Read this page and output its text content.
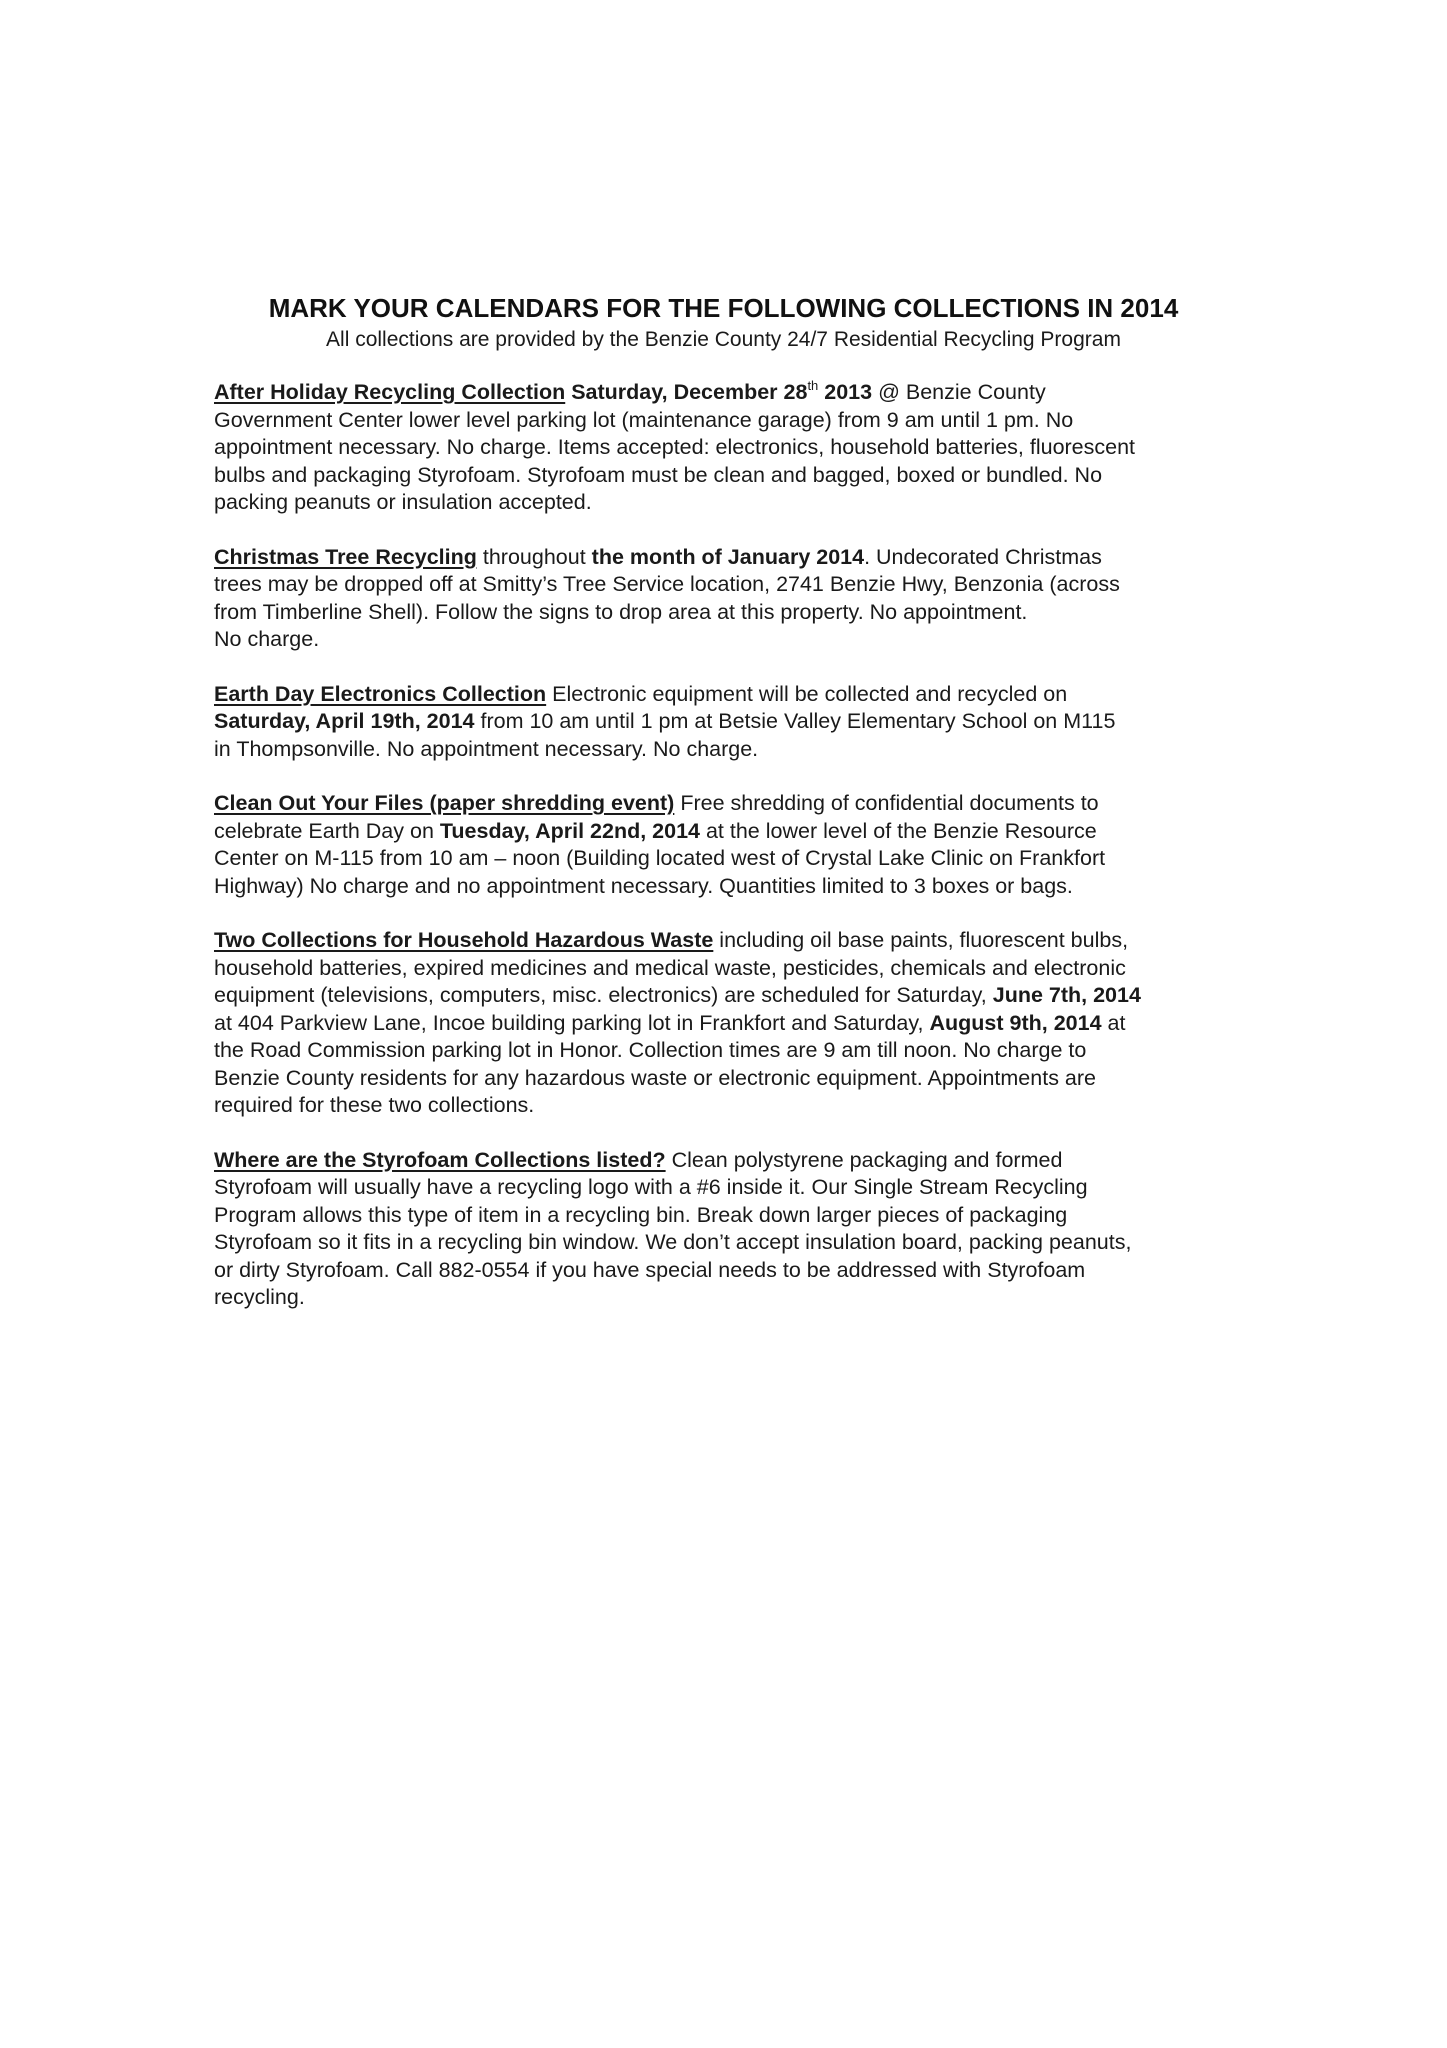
MARK YOUR CALENDARS FOR THE FOLLOWING COLLECTIONS IN 2014
All collections are provided by the Benzie County 24/7 Residential Recycling Program

After Holiday Recycling Collection Saturday, December 28th 2013 @ Benzie County
Government Center lower level parking lot (maintenance garage) from 9 am until 1 pm. No
appointment necessary. No charge. Items accepted: electronics, household batteries, fluorescent
bulbs and packaging Styrofoam. Styrofoam must be clean and bagged, boxed or bundled. No
packing peanuts or insulation accepted.

Christmas Tree Recycling throughout the month of January 2014. Undecorated Christmas
trees may be dropped off at Smitty’s Tree Service location, 2741 Benzie Hwy, Benzonia (across
from Timberline Shell). Follow the signs to drop area at this property. No appointment.
No charge.

Earth Day Electronics Collection Electronic equipment will be collected and recycled on
Saturday, April 19th, 2014 from 10 am until 1 pm at Betsie Valley Elementary School on M115
in Thompsonville. No appointment necessary. No charge.

Clean Out Your Files (paper shredding event) Free shredding of confidential documents to
celebrate Earth Day on Tuesday, April 22nd, 2014 at the lower level of the Benzie Resource
Center on M-115 from 10 am – noon (Building located west of Crystal Lake Clinic on Frankfort
Highway) No charge and no appointment necessary. Quantities limited to 3 boxes or bags.

Two Collections for Household Hazardous Waste including oil base paints, fluorescent bulbs,
household batteries, expired medicines and medical waste, pesticides, chemicals and electronic
equipment (televisions, computers, misc. electronics) are scheduled for Saturday, June 7th, 2014
at 404 Parkview Lane, Incoe building parking lot in Frankfort and Saturday, August 9th, 2014 at
the Road Commission parking lot in Honor. Collection times are 9 am till noon. No charge to
Benzie County residents for any hazardous waste or electronic equipment. Appointments are
required for these two collections.

Where are the Styrofoam Collections listed? Clean polystyrene packaging and formed
Styrofoam will usually have a recycling logo with a #6 inside it. Our Single Stream Recycling
Program allows this type of item in a recycling bin. Break down larger pieces of packaging
Styrofoam so it fits in a recycling bin window. We don’t accept insulation board, packing peanuts,
or dirty Styrofoam. Call 882-0554 if you have special needs to be addressed with Styrofoam
recycling.
